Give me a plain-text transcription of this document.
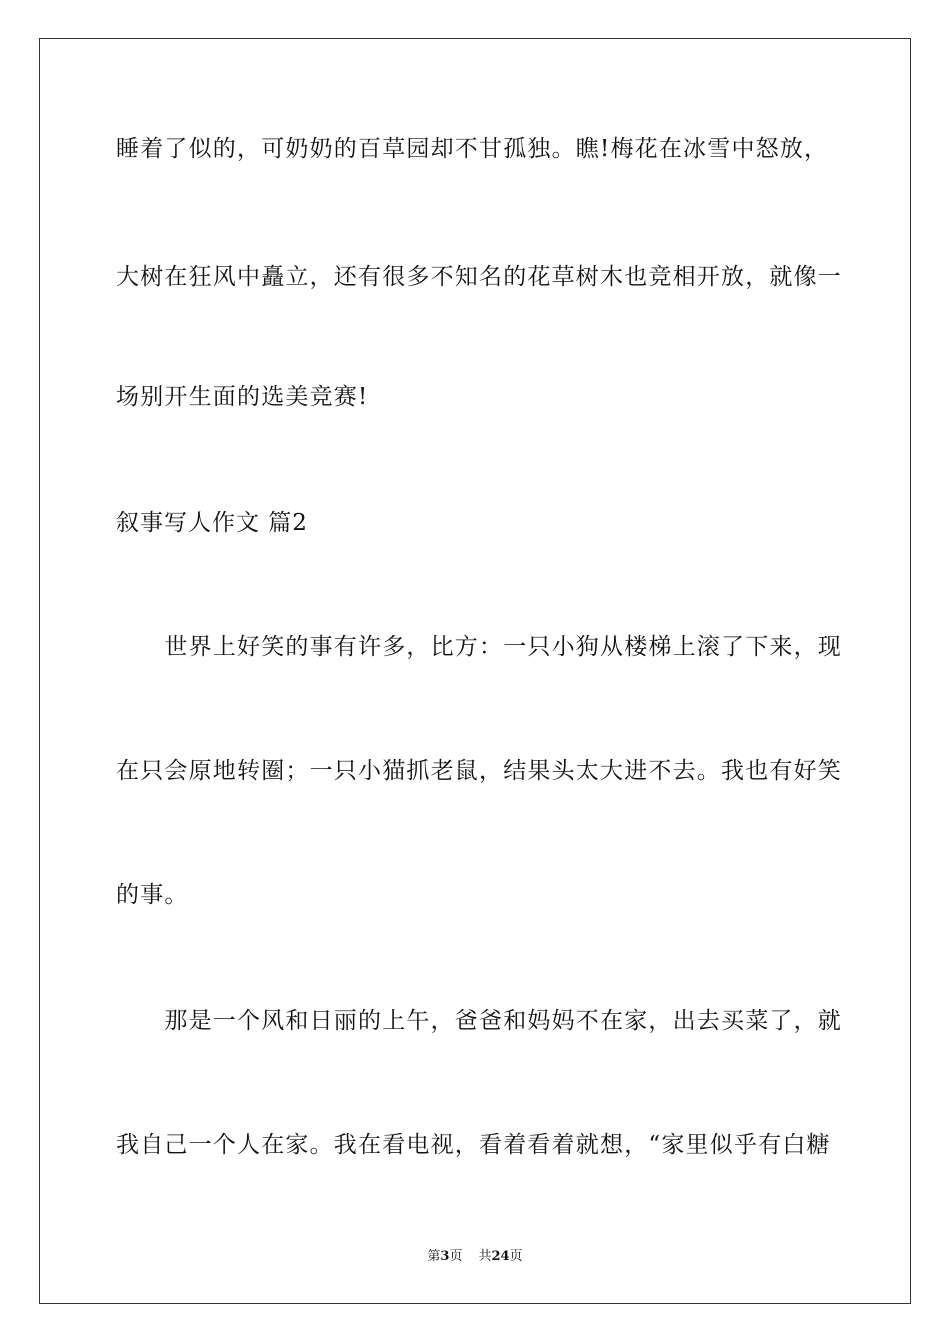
睡着了似的，可奶奶的百草园却不甘孤独。瞧!梅花在冰雪中怒放，
大树在狂风中矗立，还有很多不知名的花草树木也竞相开放，就像一
场别开生面的选美竞赛!
叙事写人作文 篇2
　　世界上好笑的事有许多，比方：一只小狗从楼梯上滚了下来，现
在只会原地转圈；一只小猫抓老鼠，结果头太大进不去。我也有好笑
的事。
　　那是一个风和日丽的上午，爸爸和妈妈不在家，出去买菜了，就
我自己一个人在家。我在看电视，看着看着就想，“家里似乎有白糖
第3页 共24页
